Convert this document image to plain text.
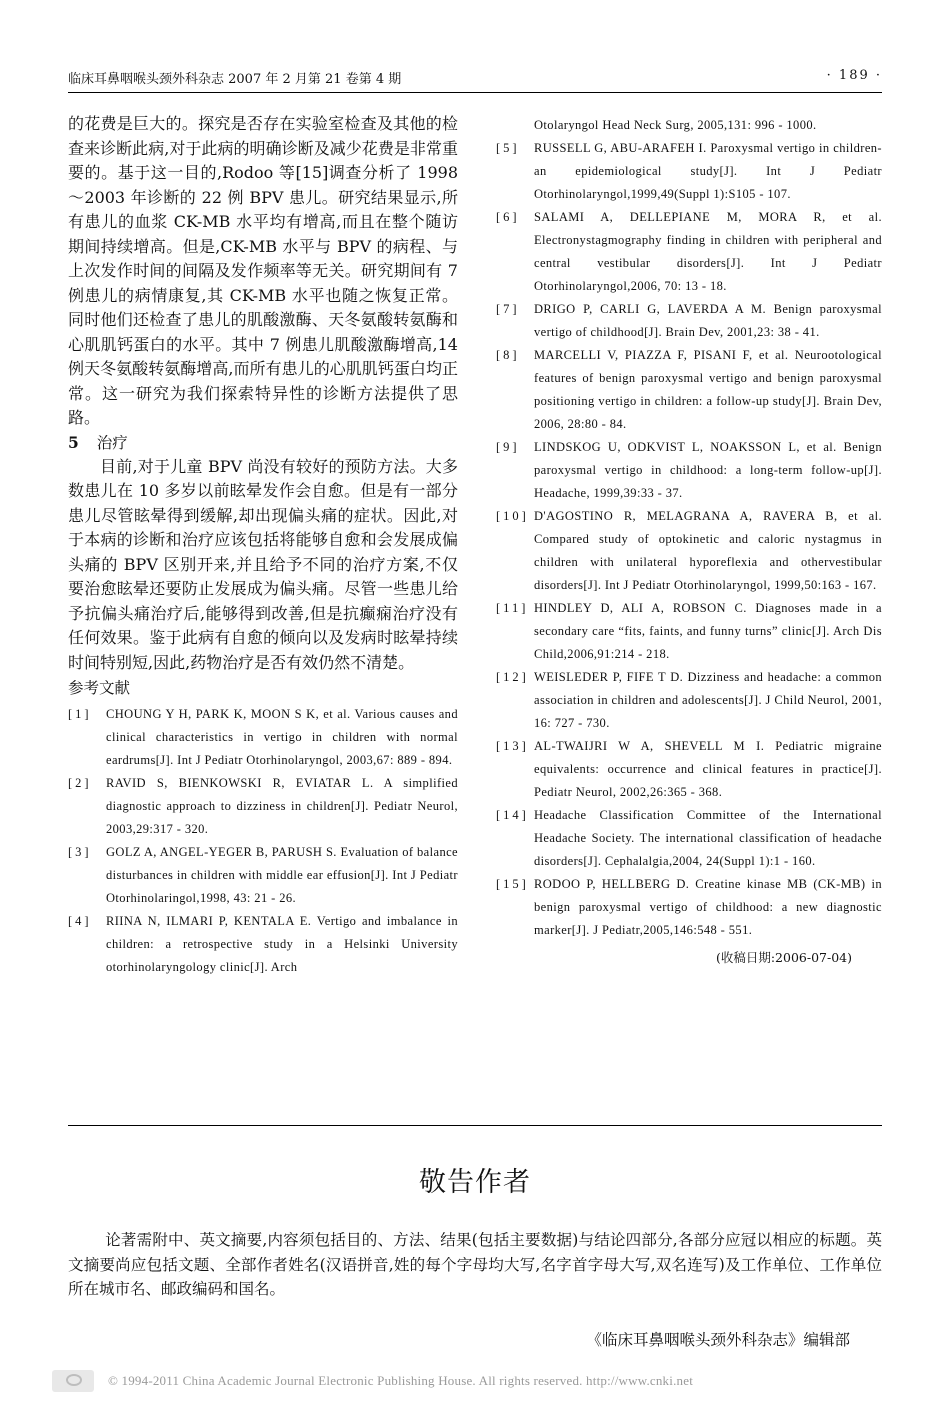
临床耳鼻咽喉头颈外科杂志 2007 年 2 月第 21 卷第 4 期	· 189 ·

的花费是巨大的。探究是否存在实验室检查及其他的检查来诊断此病,对于此病的明确诊断及减少花费是非常重要的。基于这一目的,Rodoo 等[15]调查分析了 1998～2003 年诊断的 22 例 BPV 患儿。研究结果显示,所有患儿的血浆 CK-MB 水平均有增高,而且在整个随访期间持续增高。但是,CK-MB 水平与 BPV 的病程、与上次发作时间的间隔及发作频率等无关。研究期间有 7 例患儿的病情康复,其 CK-MB 水平也随之恢复正常。同时他们还检查了患儿的肌酸激酶、天冬氨酸转氨酶和心肌肌钙蛋白的水平。其中 7 例患儿肌酸激酶增高,14 例天冬氨酸转氨酶增高,而所有患儿的心肌肌钙蛋白均正常。这一研究为我们探索特异性的诊断方法提供了思路。

5 治疗

目前,对于儿童 BPV 尚没有较好的预防方法。大多数患儿在 10 多岁以前眩晕发作会自愈。但是有一部分患儿尽管眩晕得到缓解,却出现偏头痛的症状。因此,对于本病的诊断和治疗应该包括将能够自愈和会发展成偏头痛的 BPV 区别开来,并且给予不同的治疗方案,不仅要治愈眩晕还要防止发展成为偏头痛。尽管一些患儿给予抗偏头痛治疗后,能够得到改善,但是抗癫痫治疗没有任何效果。鉴于此病有自愈的倾向以及发病时眩晕持续时间特别短,因此,药物治疗是否有效仍然不清楚。

参考文献

[1] CHOUNG Y H, PARK K, MOON S K, et al. Various causes and clinical characteristics in vertigo in children with normal eardrums[J]. Int J Pediatr Otorhinolaryngol, 2003,67: 889 - 894.
[2] RAVID S, BIENKOWSKI R, EVIATAR L. A simplified diagnostic approach to dizziness in children[J]. Pediatr Neurol, 2003,29:317 - 320.
[3] GOLZ A, ANGEL-YEGER B, PARUSH S. Evaluation of balance disturbances in children with middle ear effusion[J]. Int J Pediatr Otorhinolaringol,1998, 43: 21 - 26.
[4] RIINA N, ILMARI P, KENTALA E. Vertigo and imbalance in children: a retrospective study in a Helsinki University otorhinolaryngology clinic[J]. Arch
Otolaryngol Head Neck Surg, 2005,131: 996 - 1000.
[5] RUSSELL G, ABU-ARAFEH I. Paroxysmal vertigo in children-an epidemiological study[J]. Int J Pediatr Otorhinolaryngol,1999,49(Suppl 1):S105 - 107.
[6] SALAMI A, DELLEPIANE M, MORA R, et al. Electronystagmography finding in children with peripheral and central vestibular disorders[J]. Int J Pediatr Otorhinolaryngol,2006, 70: 13 - 18.
[7] DRIGO P, CARLI G, LAVERDA A M. Benign paroxysmal vertigo of childhood[J]. Brain Dev, 2001,23: 38 - 41.
[8] MARCELLI V, PIAZZA F, PISANI F, et al. Neurootological features of benign paroxysmal vertigo and benign paroxysmal positioning vertigo in children: a follow-up study[J]. Brain Dev, 2006, 28:80 - 84.
[9] LINDSKOG U, ODKVIST L, NOAKSSON L, et al. Benign paroxysmal vertigo in childhood: a long-term follow-up[J]. Headache, 1999,39:33 - 37.
[10] D'AGOSTINO R, MELAGRANA A, RAVERA B, et al. Compared study of optokinetic and caloric nystagmus in children with unilateral hyporeflexia and othervestibular disorders[J]. Int J Pediatr Otorhinolaryngol, 1999,50:163 - 167.
[11] HINDLEY D, ALI A, ROBSON C. Diagnoses made in a secondary care “fits, faints, and funny turns” clinic[J]. Arch Dis Child,2006,91:214 - 218.
[12] WEISLEDER P, FIFE T D. Dizziness and headache: a common association in children and adolescents[J]. J Child Neurol, 2001, 16: 727 - 730.
[13] AL-TWAIJRI W A, SHEVELL M I. Pediatric migraine equivalents: occurrence and clinical features in practice[J]. Pediatr Neurol, 2002,26:365 - 368.
[14] Headache Classification Committee of the International Headache Society. The international classification of headache disorders[J]. Cephalalgia,2004, 24(Suppl 1):1 - 160.
[15] RODOO P, HELLBERG D. Creatine kinase MB (CK-MB) in benign paroxysmal vertigo of childhood: a new diagnostic marker[J]. J Pediatr,2005,146:548 - 551.
(收稿日期:2006-07-04)
敬告作者

论著需附中、英文摘要,内容须包括目的、方法、结果(包括主要数据)与结论四部分,各部分应冠以相应的标题。英文摘要尚应包括文题、全部作者姓名(汉语拼音,姓的每个字母均大写,名字首字母大写,双名连写)及工作单位、工作单位所在城市名、邮政编码和国名。

《临床耳鼻咽喉头颈外科杂志》编辑部
© 1994-2011 China Academic Journal Electronic Publishing House. All rights reserved. http://www.cnki.net
